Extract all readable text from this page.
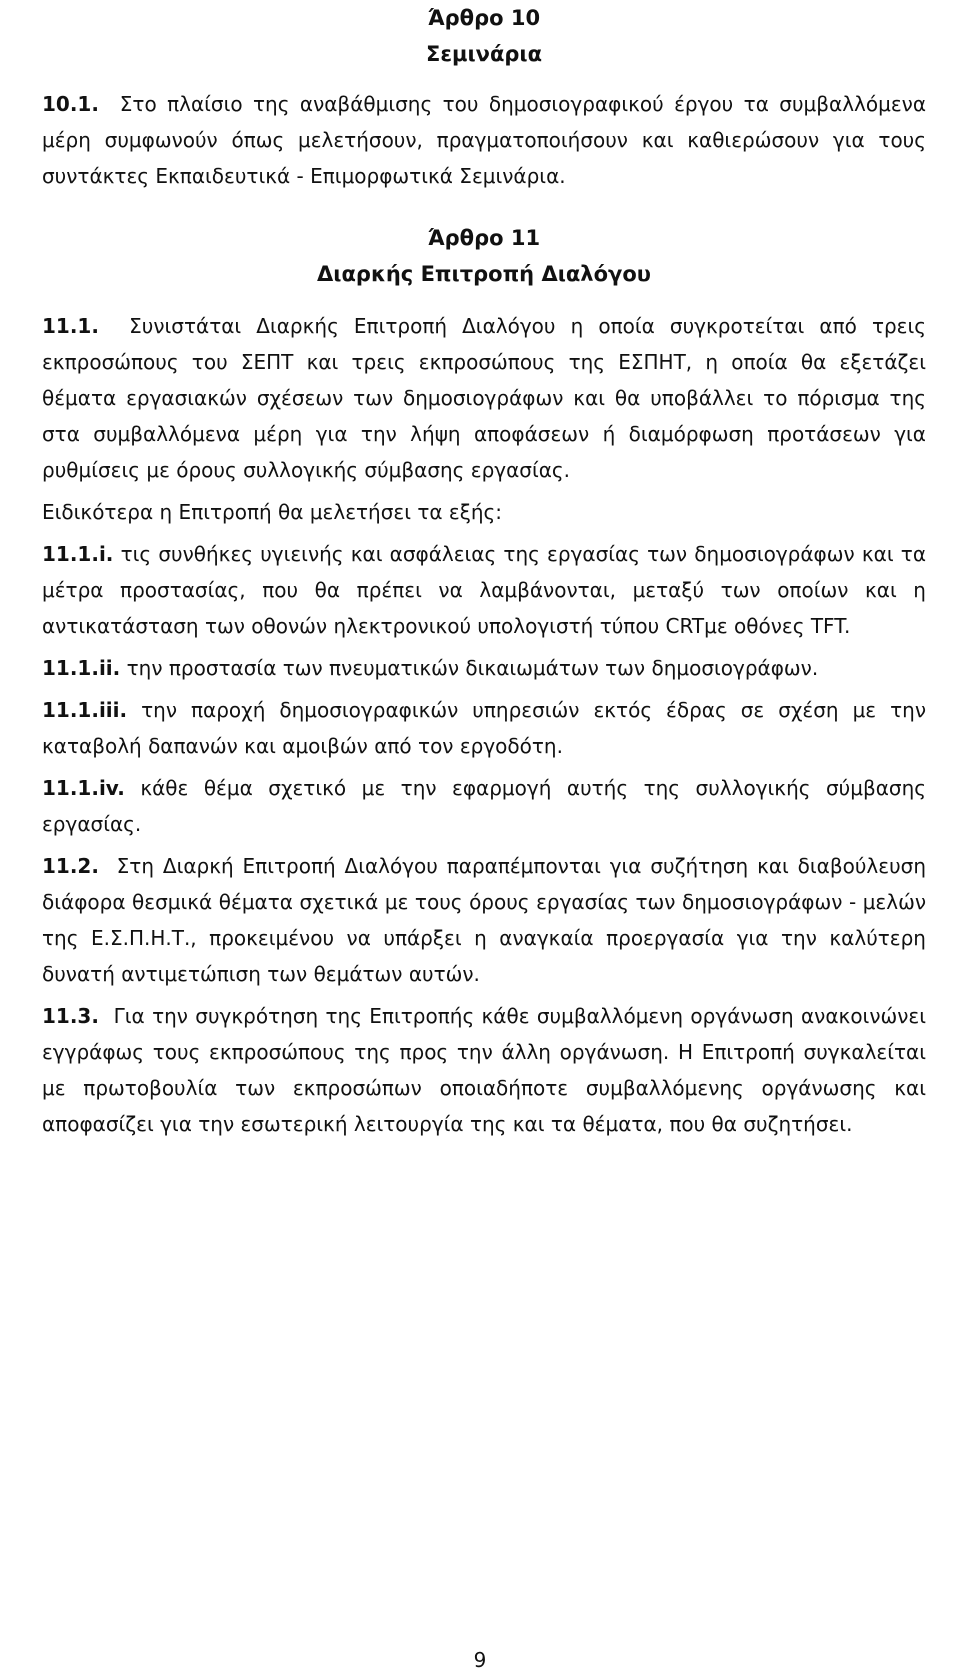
Άρθρο 10
Σεμινάρια

10.1. Στο πλαίσιο της αναβάθμισης του δημοσιογραφικού έργου τα συμβαλλόμενα μέρη συμφωνούν όπως μελετήσουν, πραγματοποιήσουν και καθιερώσουν για τους συντάκτες Εκπαιδευτικά - Επιμορφωτικά Σεμινάρια.

Άρθρο 11
Διαρκής Επιτροπή Διαλόγου

11.1. Συνιστάται Διαρκής Επιτροπή Διαλόγου η οποία συγκροτείται από τρεις εκπροσώπους του ΣΕΠΤ και τρεις εκπροσώπους της ΕΣΠΗΤ, η οποία θα εξετάζει θέματα εργασιακών σχέσεων των δημοσιογράφων και θα υποβάλλει το πόρισμα της στα συμβαλλόμενα μέρη για την λήψη αποφάσεων ή διαμόρφωση προτάσεων για ρυθμίσεις με όρους συλλογικής σύμβασης εργασίας.

Ειδικότερα η Επιτροπή θα μελετήσει τα εξής:

11.1.i. τις συνθήκες υγιεινής και ασφάλειας της εργασίας των δημοσιογράφων και τα μέτρα προστασίας, που θα πρέπει να λαμβάνονται, μεταξύ των οποίων και η αντικατάσταση των οθονών ηλεκτρονικού υπολογιστή τύπου CRTμε οθόνες TFT.

11.1.ii. την προστασία των πνευματικών δικαιωμάτων των δημοσιογράφων.

11.1.iii. την παροχή δημοσιογραφικών υπηρεσιών εκτός έδρας σε σχέση με την καταβολή δαπανών και αμοιβών από τον εργοδότη.

11.1.iv. κάθε θέμα σχετικό με την εφαρμογή αυτής της συλλογικής σύμβασης εργασίας.

11.2. Στη Διαρκή Επιτροπή Διαλόγου παραπέμπονται για συζήτηση και διαβούλευση διάφορα θεσμικά θέματα σχετικά με τους όρους εργασίας των δημοσιογράφων - μελών της Ε.Σ.Π.Η.Τ., προκειμένου να υπάρξει η αναγκαία προεργασία για την καλύτερη δυνατή αντιμετώπιση των θεμάτων αυτών.

11.3. Για την συγκρότηση της Επιτροπής κάθε συμβαλλόμενη οργάνωση ανακοινώνει εγγράφως τους εκπροσώπους της προς την άλλη οργάνωση. Η Επιτροπή συγκαλείται με πρωτοβουλία των εκπροσώπων οποιαδήποτε συμβαλλόμενης οργάνωσης και αποφασίζει για την εσωτερική λειτουργία της και τα θέματα, που θα συζητήσει.

9
